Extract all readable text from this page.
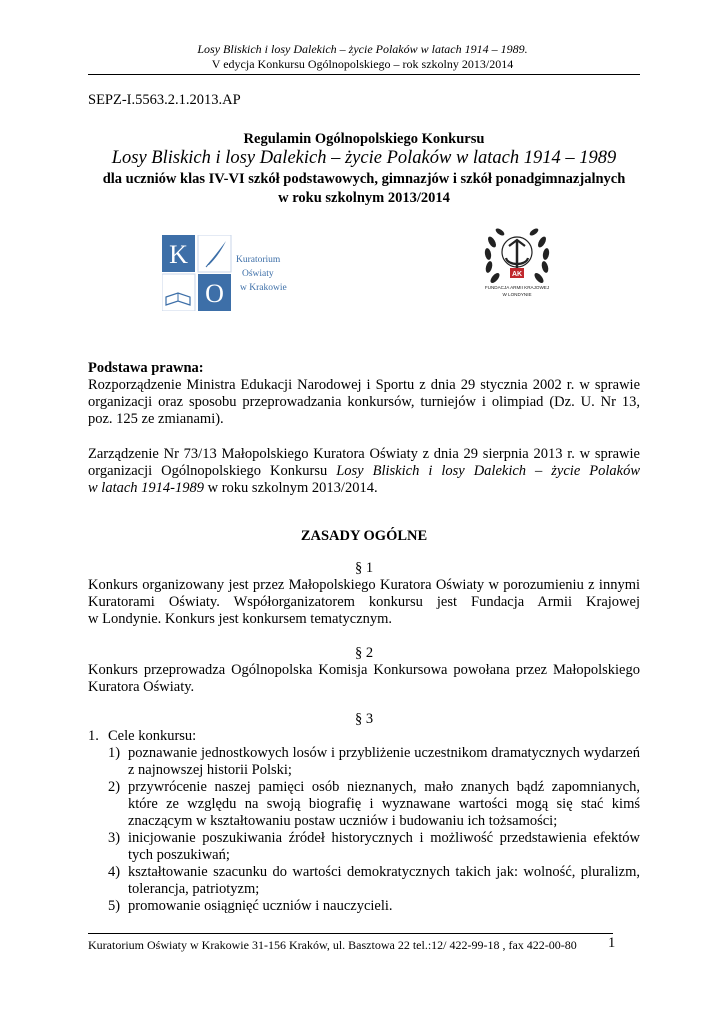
Losy Bliskich i losy Dalekich – życie Polaków w latach 1914 – 1989.
V edycja Konkursu Ogólnopolskiego – rok szkolny 2013/2014
SEPZ-I.5563.2.1.2013.AP
Regulamin Ogólnopolskiego Konkursu
Losy Bliskich i losy Dalekich – życie Polaków w latach 1914 – 1989
dla uczniów klas IV-VI szkół podstawowych, gimnazjów i szkół ponadgimnazjalnych
w roku szkolnym 2013/2014
K
O
Kuratorium
Oświaty
w Krakowie
AK
FUNDACJA ARMII KRAJOWEJ
W LONDYNIE
Podstawa prawna:
Rozporządzenie Ministra Edukacji Narodowej i Sportu z dnia 29 stycznia 2002 r. w sprawie
organizacji oraz sposobu przeprowadzania konkursów, turniejów i olimpiad (Dz. U. Nr 13,
poz. 125 ze zmianami).
Zarządzenie Nr 73/13 Małopolskiego Kuratora Oświaty z dnia 29 sierpnia 2013 r. w sprawie
organizacji Ogólnopolskiego Konkursu Losy Bliskich i losy Dalekich – życie Polaków
w latach 1914-1989 w roku szkolnym 2013/2014.
ZASADY OGÓLNE
§ 1
Konkurs organizowany jest przez Małopolskiego Kuratora Oświaty w porozumieniu z innymi
Kuratorami Oświaty. Współorganizatorem konkursu jest Fundacja Armii Krajowej
w Londynie. Konkurs jest konkursem tematycznym.
§ 2
Konkurs przeprowadza Ogólnopolska Komisja Konkursowa powołana przez Małopolskiego
Kuratora Oświaty.
§ 3
1. Cele konkursu:
1) poznawanie jednostkowych losów i przybliżenie uczestnikom dramatycznych wydarzeń
z najnowszej historii Polski;
2) przywrócenie naszej pamięci osób nieznanych, mało znanych bądź zapomnianych,
które ze względu na swoją biografię i wyznawane wartości mogą się stać kimś
znaczącym w kształtowaniu postaw uczniów i budowaniu ich tożsamości;
3) inicjowanie poszukiwania źródeł historycznych i możliwość przedstawienia efektów
tych poszukiwań;
4) kształtowanie szacunku do wartości demokratycznych takich jak: wolność, pluralizm,
tolerancja, patriotyzm;
5) promowanie osiągnięć uczniów i nauczycieli.
Kuratorium Oświaty w Krakowie 31-156 Kraków, ul. Basztowa 22 tel.:12/ 422-99-18 , fax 422-00-80	1
